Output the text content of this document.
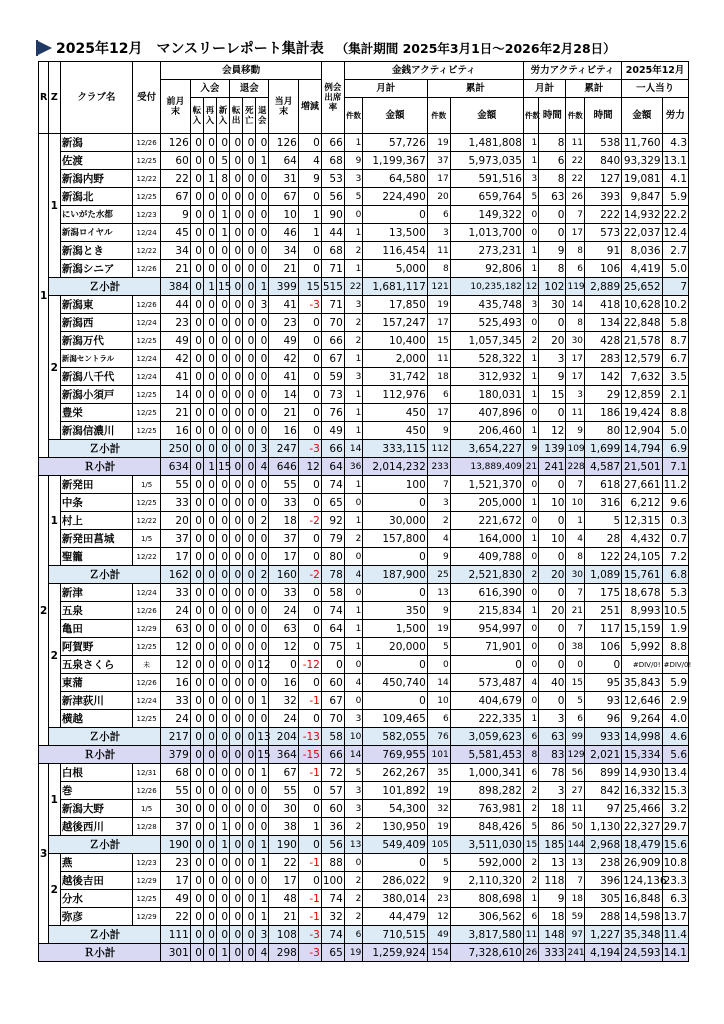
2025年12月　マンスリーレポート集計表 （集計期間 2025年3月1日～2026年2月28日）
R	Z	クラブ名	受付	会員移動									例会出席率	金銭アクティビティ				労力アクティビティ				2025年12月	
				前月末	入会			退会			当月末	増減		月計		累計		月計		累計		一人当り	
					転入	再入	新入	転出	死亡	退会				件数	金額	件数	金額	件数	時間	件数	時間	金額	労力
1	1	新潟	12/26	126	0	0	0	0	0	0	126	0	66	1	57,726	19	1,481,808	1	8	11	538	11,760	4.3
		佐渡	12/25	60	0	0	5	0	0	1	64	4	68	9	1,199,367	37	5,973,035	1	6	22	840	93,329	13.1
		新潟内野	12/22	22	0	1	8	0	0	0	31	9	53	3	64,580	17	591,516	3	8	22	127	19,081	4.1
		新潟北	12/25	67	0	0	0	0	0	0	67	0	56	5	224,490	20	659,764	5	63	26	393	9,847	5.9
		にいがた水都	12/23	9	0	0	1	0	0	0	10	1	90	0	0	6	149,322	0	0	7	222	14,932	22.2
		新潟ロイヤル	12/24	45	0	0	1	0	0	0	46	1	44	1	13,500	3	1,013,700	0	0	17	573	22,037	12.4
		新潟とき	12/22	34	0	0	0	0	0	0	34	0	68	2	116,454	11	273,231	1	9	8	91	8,036	2.7
		新潟シニア	12/26	21	0	0	0	0	0	0	21	0	71	1	5,000	8	92,806	1	8	6	106	4,419	5.0
	Ｚ小計			384	0	1	15	0	0	1	399	15	515	22	1,681,117	121	10,235,182	12	102	119	2,889	25,652	7
	2	新潟東	12/26	44	0	0	0	0	0	3	41	-3	71	3	17,850	19	435,748	3	30	14	418	10,628	10.2
		新潟西	12/24	23	0	0	0	0	0	0	23	0	70	2	157,247	17	525,493	0	0	8	134	22,848	5.8
		新潟万代	12/25	49	0	0	0	0	0	0	49	0	66	2	10,400	15	1,057,345	2	20	30	428	21,578	8.7
		新潟セントラル	12/24	42	0	0	0	0	0	0	42	0	67	1	2,000	11	528,322	1	3	17	283	12,579	6.7
		新潟八千代	12/24	41	0	0	0	0	0	0	41	0	59	3	31,742	18	312,932	1	9	17	142	7,632	3.5
		新潟小須戸	12/25	14	0	0	0	0	0	0	14	0	73	1	112,976	6	180,031	1	15	3	29	12,859	2.1
		豊栄	12/25	21	0	0	0	0	0	0	21	0	76	1	450	17	407,896	0	0	11	186	19,424	8.8
		新潟信濃川	12/25	16	0	0	0	0	0	0	16	0	49	1	450	9	206,460	1	12	9	80	12,904	5.0
	Ｚ小計			250	0	0	0	0	0	3	247	-3	66	14	333,115	112	3,654,227	9	139	109	1,699	14,794	6.9
Ｒ小計				634	0	1	15	0	0	4	646	12	64	36	2,014,232	233	13,889,409	21	241	228	4,587	21,501	7.1
2	1	新発田	1/5	55	0	0	0	0	0	0	55	0	74	1	100	7	1,521,370	0	0	7	618	27,661	11.2
		中条	12/25	33	0	0	0	0	0	0	33	0	65	0	0	3	205,000	1	10	10	316	6,212	9.6
		村上	12/22	20	0	0	0	0	0	2	18	-2	92	1	30,000	2	221,672	0	0	1	5	12,315	0.3
		新発田菖城	1/5	37	0	0	0	0	0	0	37	0	79	2	157,800	4	164,000	1	10	4	28	4,432	0.7
		聖籠	12/22	17	0	0	0	0	0	0	17	0	80	0	0	9	409,788	0	0	8	122	24,105	7.2
	Ｚ小計			162	0	0	0	0	0	2	160	-2	78	4	187,900	25	2,521,830	2	20	30	1,089	15,761	6.8
	2	新津	12/24	33	0	0	0	0	0	0	33	0	58	0	0	13	616,390	0	0	7	175	18,678	5.3
		五泉	12/26	24	0	0	0	0	0	0	24	0	74	1	350	9	215,834	1	20	21	251	8,993	10.5
		亀田	12/29	63	0	0	0	0	0	0	63	0	64	1	1,500	19	954,997	0	0	7	117	15,159	1.9
		阿賀野	12/25	12	0	0	0	0	0	0	12	0	75	1	20,000	5	71,901	0	0	38	106	5,992	8.8
		五泉さくら	未	12	0	0	0	0	0	12	0	-12	0	0	0	0	0	0	0	0	0	#DIV/0!	#DIV/0!
		東蒲	12/26	16	0	0	0	0	0	0	16	0	60	4	450,740	14	573,487	4	40	15	95	35,843	5.9
		新津荻川	12/24	33	0	0	0	0	0	1	32	-1	67	0	0	10	404,679	0	0	5	93	12,646	2.9
		横越	12/25	24	0	0	0	0	0	0	24	0	70	3	109,465	6	222,335	1	3	6	96	9,264	4.0
	Ｚ小計			217	0	0	0	0	0	13	204	-13	58	10	582,055	76	3,059,623	6	63	99	933	14,998	4.6
Ｒ小計				379	0	0	0	0	0	15	364	-15	66	14	769,955	101	5,581,453	8	83	129	2,021	15,334	5.6
3	1	白根	12/31	68	0	0	0	0	0	1	67	-1	72	5	262,267	35	1,000,341	6	78	56	899	14,930	13.4
		巻	12/26	55	0	0	0	0	0	0	55	0	57	3	101,892	19	898,282	2	3	27	842	16,332	15.3
		新潟大野	1/5	30	0	0	0	0	0	0	30	0	60	3	54,300	32	763,981	2	18	11	97	25,466	3.2
		越後西川	12/28	37	0	0	1	0	0	0	38	1	36	2	130,950	19	848,426	5	86	50	1,130	22,327	29.7
	Ｚ小計			190	0	0	1	0	0	1	190	0	56	13	549,409	105	3,511,030	15	185	144	2,968	18,479	15.6
	2	燕	12/23	23	0	0	0	0	0	1	22	-1	88	0	0	5	592,000	2	13	13	238	26,909	10.8
		越後吉田	12/29	17	0	0	0	0	0	0	17	0	100	2	286,022	9	2,110,320	2	118	7	396	124,136	23.3
		分水	12/25	49	0	0	0	0	0	1	48	-1	74	2	380,014	23	808,698	1	9	18	305	16,848	6.3
		弥彦	12/29	22	0	0	0	0	0	1	21	-1	32	2	44,479	12	306,562	6	18	59	288	14,598	13.7
	Ｚ小計			111	0	0	0	0	0	3	108	-3	74	6	710,515	49	3,817,580	11	148	97	1,227	35,348	11.4
Ｒ小計				301	0	0	1	0	0	4	298	-3	65	19	1,259,924	154	7,328,610	26	333	241	4,194	24,593	14.1
